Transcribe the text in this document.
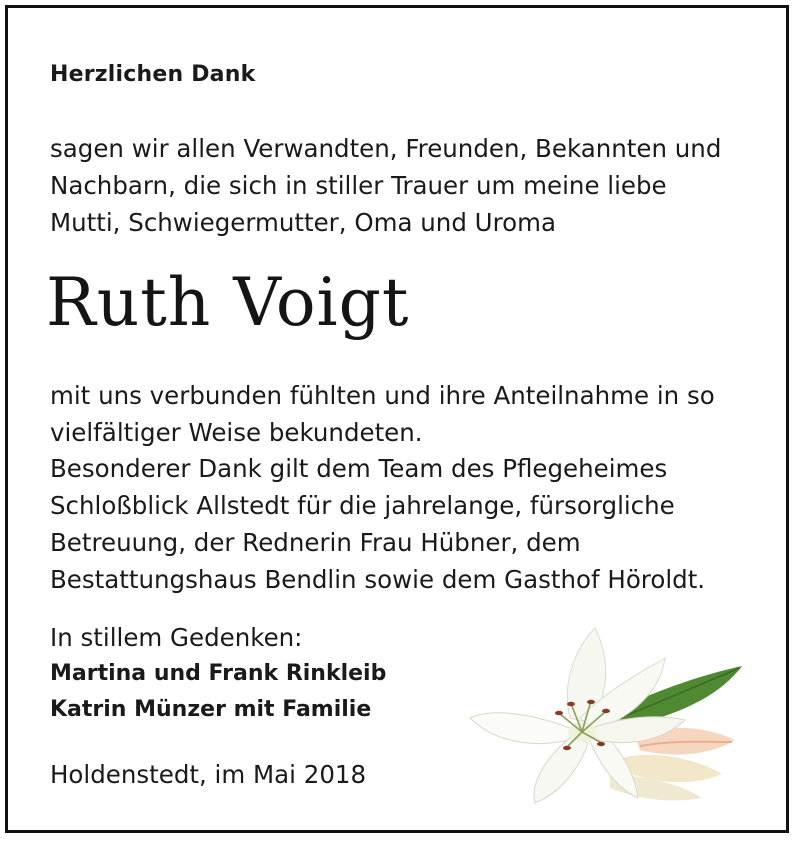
Herzlichen Dank
sagen wir allen Verwandten, Freunden, Bekannten und
Nachbarn, die sich in stiller Trauer um meine liebe
Mutti, Schwiegermutter, Oma und Uroma
Ruth Voigt
mit uns verbunden fühlten und ihre Anteilnahme in so
vielfältiger Weise bekundeten.
Besonderer Dank gilt dem Team des Pflegeheimes
Schloßblick Allstedt für die jahrelange, fürsorgliche
Betreuung, der Rednerin Frau Hübner, dem
Bestattungshaus Bendlin sowie dem Gasthof Höroldt.
In stillem Gedenken:
Martina und Frank Rinkleib
Katrin Münzer mit Familie
Holdenstedt, im Mai 2018
